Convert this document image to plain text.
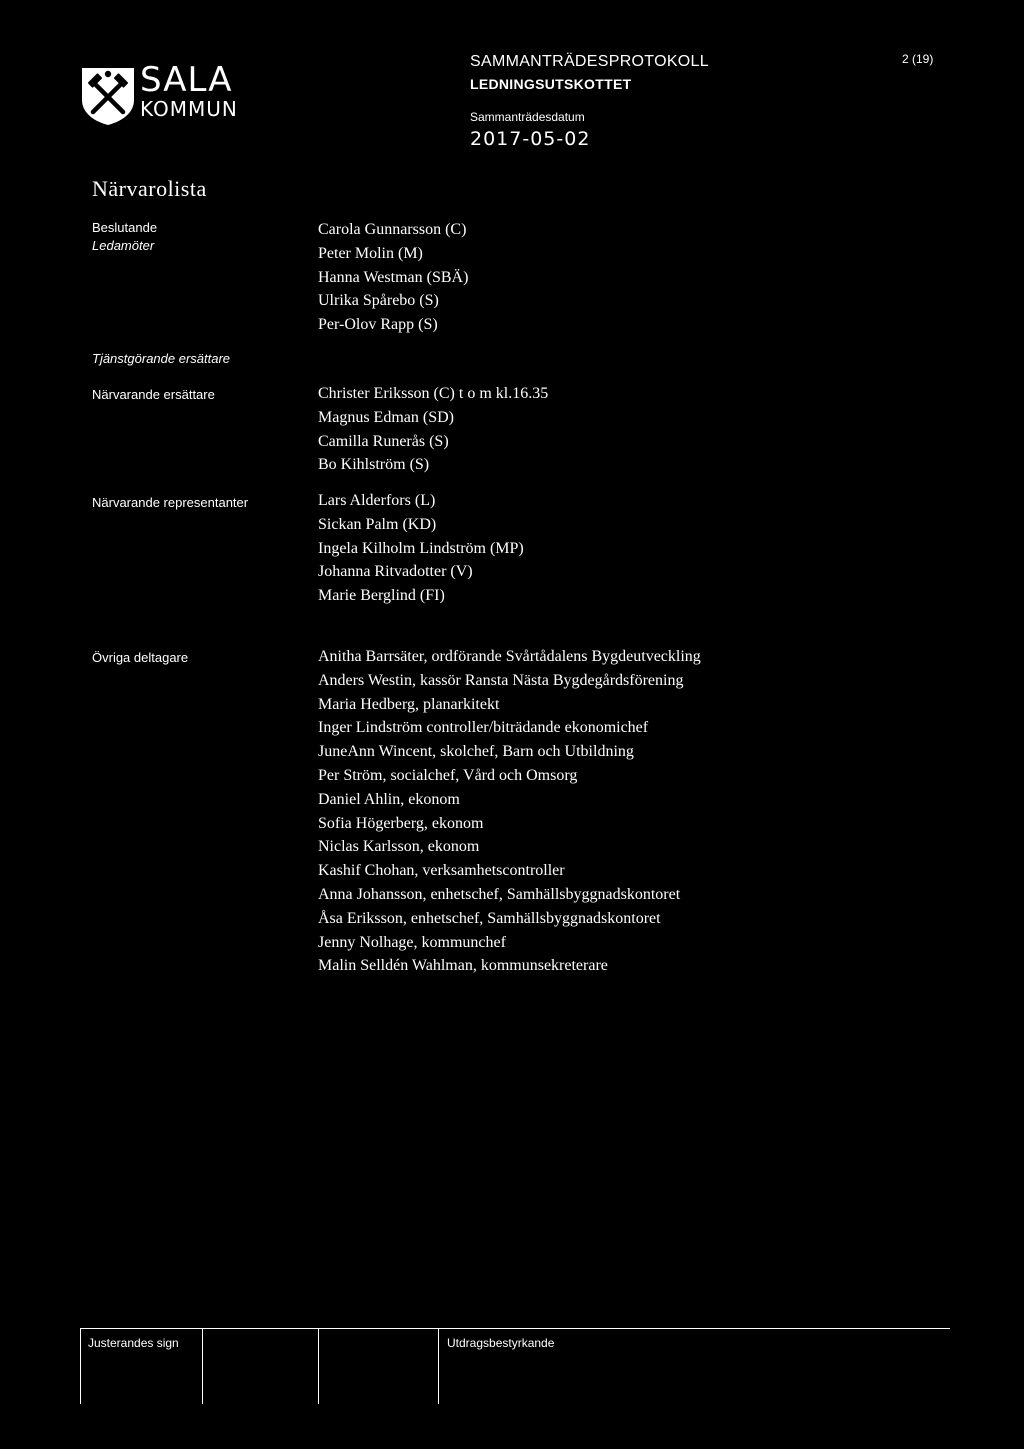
SALA
KOMMUN
SAMMANTRÄDESPROTOKOLL
LEDNINGSUTSKOTTET
2 (19)
Sammanträdesdatum
2017-05-02
Närvarolista
Beslutande
Ledamöter
Carola Gunnarsson (C)
Peter Molin (M)
Hanna Westman (SBÄ)
Ulrika Spårebo (S)
Per-Olov Rapp (S)
Tjänstgörande ersättare
Närvarande ersättare	Christer Eriksson (C) t o m kl.16.35
Magnus Edman (SD)
Camilla Runerås (S)
Bo Kihlström (S)
Närvarande representanter	Lars Alderfors (L)
Sickan Palm (KD)
Ingela Kilholm Lindström (MP)
Johanna Ritvadotter (V)
Marie Berglind (FI)
Övriga deltagare	Anitha Barrsäter, ordförande Svårtådalens Bygdeutveckling
Anders Westin, kassör Ransta Nästa Bygdegårdsförening
Maria Hedberg, planarkitekt
Inger Lindström controller/biträdande ekonomichef
JuneAnn Wincent, skolchef, Barn och Utbildning
Per Ström, socialchef, Vård och Omsorg
Daniel Ahlin, ekonom
Sofia Högerberg, ekonom
Niclas Karlsson, ekonom
Kashif Chohan, verksamhetscontroller
Anna Johansson, enhetschef, Samhällsbyggnadskontoret
Åsa Eriksson, enhetschef, Samhällsbyggnadskontoret
Jenny Nolhage, kommunchef
Malin Selldén Wahlman, kommunsekreterare
Justerandes sign	Utdragsbestyrkande
